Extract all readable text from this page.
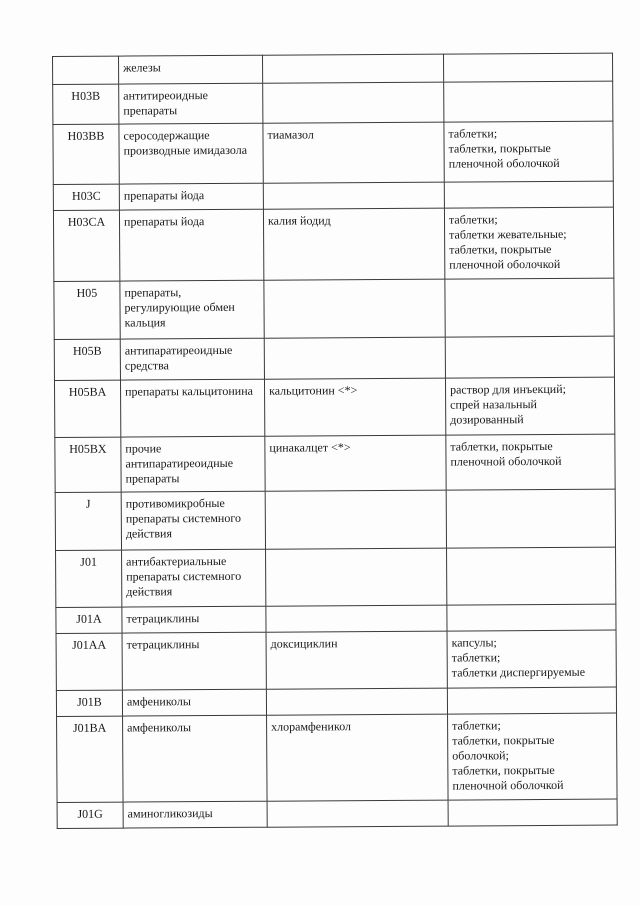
	железы		
H03B	антитиреоидные
препараты		
H03BB	серосодержащие
производные имидазола	тиамазол	таблетки;
таблетки, покрытые
пленочной оболочкой
H03C	препараты йода		
H03CA	препараты йода	калия йодид	таблетки;
таблетки жевательные;
таблетки, покрытые
пленочной оболочкой
H05	препараты,
регулирующие обмен
кальция		
H05B	антипаратиреоидные
средства		
H05BA	препараты кальцитонина	кальцитонин <*>	раствор для инъекций;
спрей назальный
дозированный
H05BX	прочие
антипаратиреоидные
препараты	цинакалцет <*>	таблетки, покрытые
пленочной оболочкой
J	противомикробные
препараты системного
действия		
J01	антибактериальные
препараты системного
действия		
J01A	тетрациклины		
J01AA	тетрациклины	доксициклин	капсулы;
таблетки;
таблетки диспергируемые
J01B	амфениколы		
J01BA	амфениколы	хлорамфеникол	таблетки;
таблетки, покрытые
оболочкой;
таблетки, покрытые
пленочной оболочкой
J01G	аминогликозиды		
